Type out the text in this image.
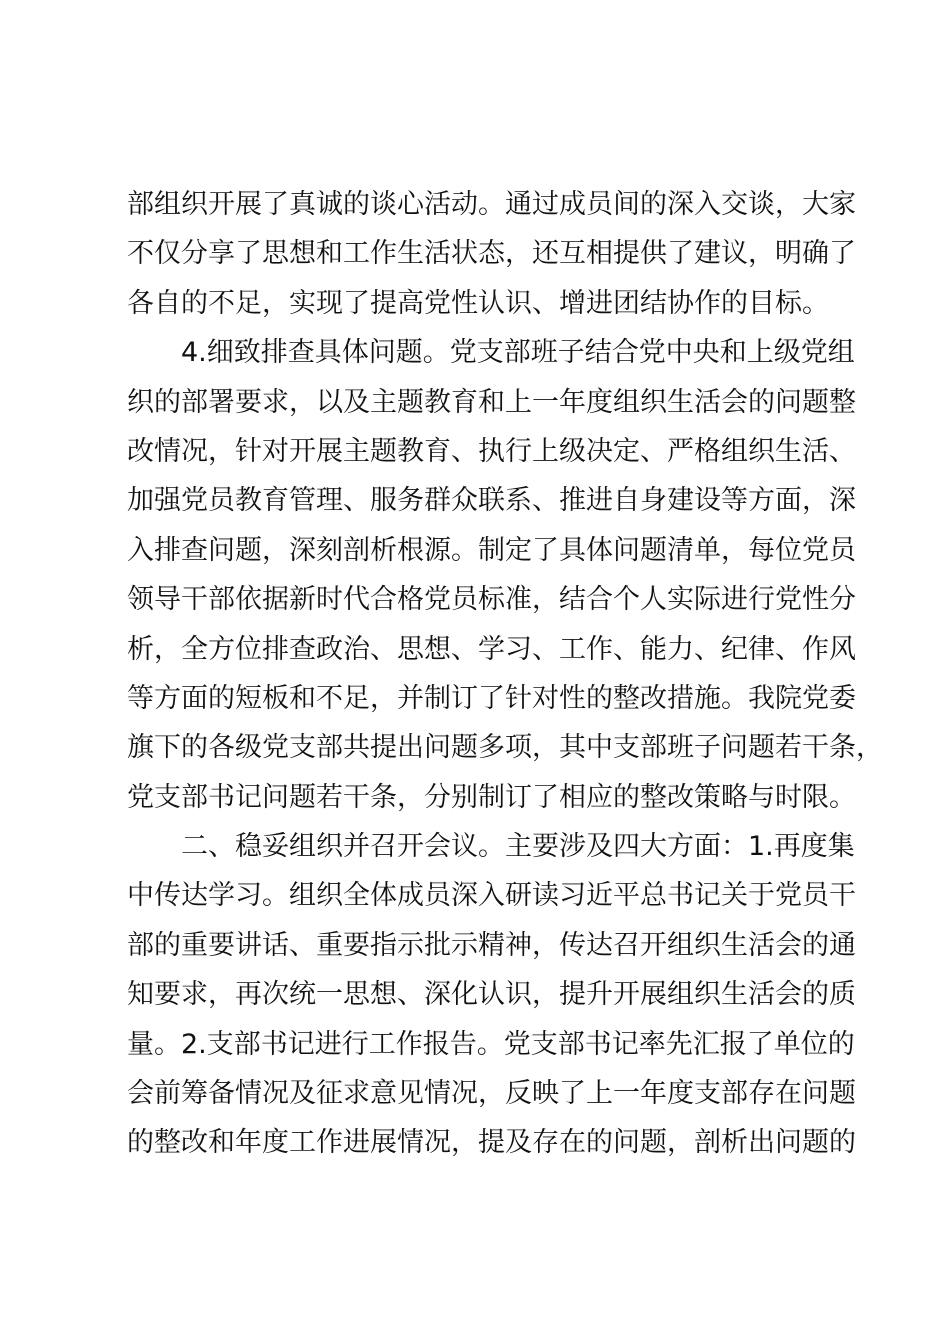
部组织开展了真诚的谈心活动。通过成员间的深入交谈，大家
不仅分享了思想和工作生活状态，还互相提供了建议，明确了
各自的不足，实现了提高党性认识、增进团结协作的目标。
4.细致排查具体问题。党支部班子结合党中央和上级党组
织的部署要求，以及主题教育和上一年度组织生活会的问题整
改情况，针对开展主题教育、执行上级决定、严格组织生活、
加强党员教育管理、服务群众联系、推进自身建设等方面，深
入排查问题，深刻剖析根源。制定了具体问题清单，每位党员
领导干部依据新时代合格党员标准，结合个人实际进行党性分
析，全方位排查政治、思想、学习、工作、能力、纪律、作风
等方面的短板和不足，并制订了针对性的整改措施。我院党委
旗下的各级党支部共提出问题多项，其中支部班子问题若干条，
党支部书记问题若干条，分别制订了相应的整改策略与时限。
二、稳妥组织并召开会议。主要涉及四大方面：1.再度集
中传达学习。组织全体成员深入研读习近平总书记关于党员干
部的重要讲话、重要指示批示精神，传达召开组织生活会的通
知要求，再次统一思想、深化认识，提升开展组织生活会的质
量。2.支部书记进行工作报告。党支部书记率先汇报了单位的
会前筹备情况及征求意见情况，反映了上一年度支部存在问题
的整改和年度工作进展情况，提及存在的问题，剖析出问题的
